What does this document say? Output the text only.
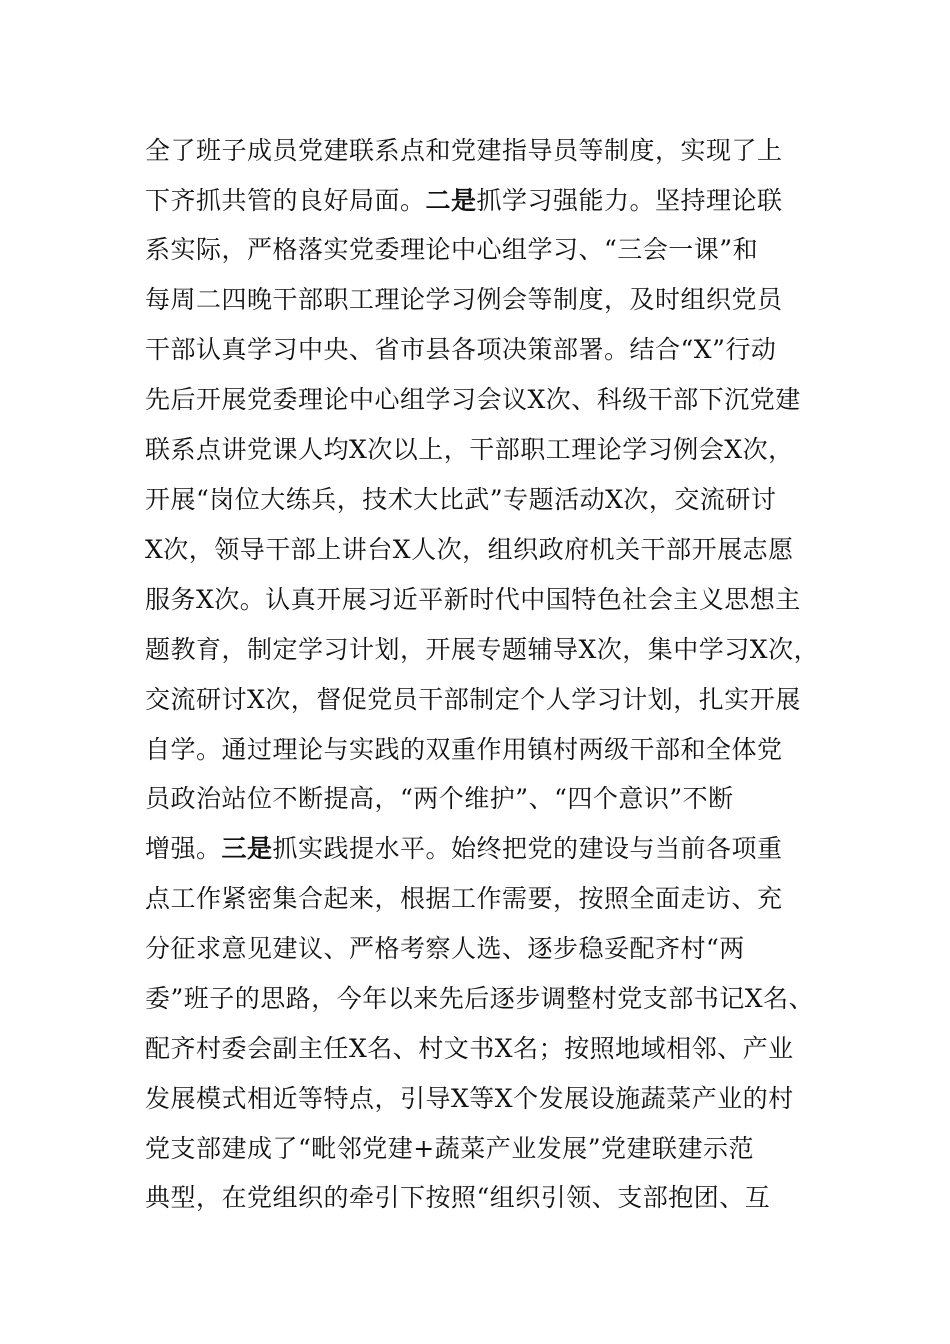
全了班子成员党建联系点和党建指导员等制度，实现了上
下齐抓共管的良好局面。二是抓学习强能力。坚持理论联
系实际，严格落实党委理论中心组学习、“三会一课”和
每周二四晚干部职工理论学习例会等制度，及时组织党员
干部认真学习中央、省市县各项决策部署。结合“X”行动
先后开展党委理论中心组学习会议X次、科级干部下沉党建
联系点讲党课人均X次以上，干部职工理论学习例会X次，
开展“岗位大练兵，技术大比武”专题活动X次，交流研讨
X次，领导干部上讲台X人次，组织政府机关干部开展志愿
服务X次。认真开展习近平新时代中国特色社会主义思想主
题教育，制定学习计划，开展专题辅导X次，集中学习X次，
交流研讨X次，督促党员干部制定个人学习计划，扎实开展
自学。通过理论与实践的双重作用镇村两级干部和全体党
员政治站位不断提高，“两个维护”、“四个意识”不断
增强。三是抓实践提水平。始终把党的建设与当前各项重
点工作紧密集合起来，根据工作需要，按照全面走访、充
分征求意见建议、严格考察人选、逐步稳妥配齐村“两
委”班子的思路，今年以来先后逐步调整村党支部书记X名、
配齐村委会副主任X名、村文书X名；按照地域相邻、产业
发展模式相近等特点，引导X等X个发展设施蔬菜产业的村
党支部建成了“毗邻党建+蔬菜产业发展”党建联建示范
典型，在党组织的牵引下按照“组织引领、支部抱团、互
